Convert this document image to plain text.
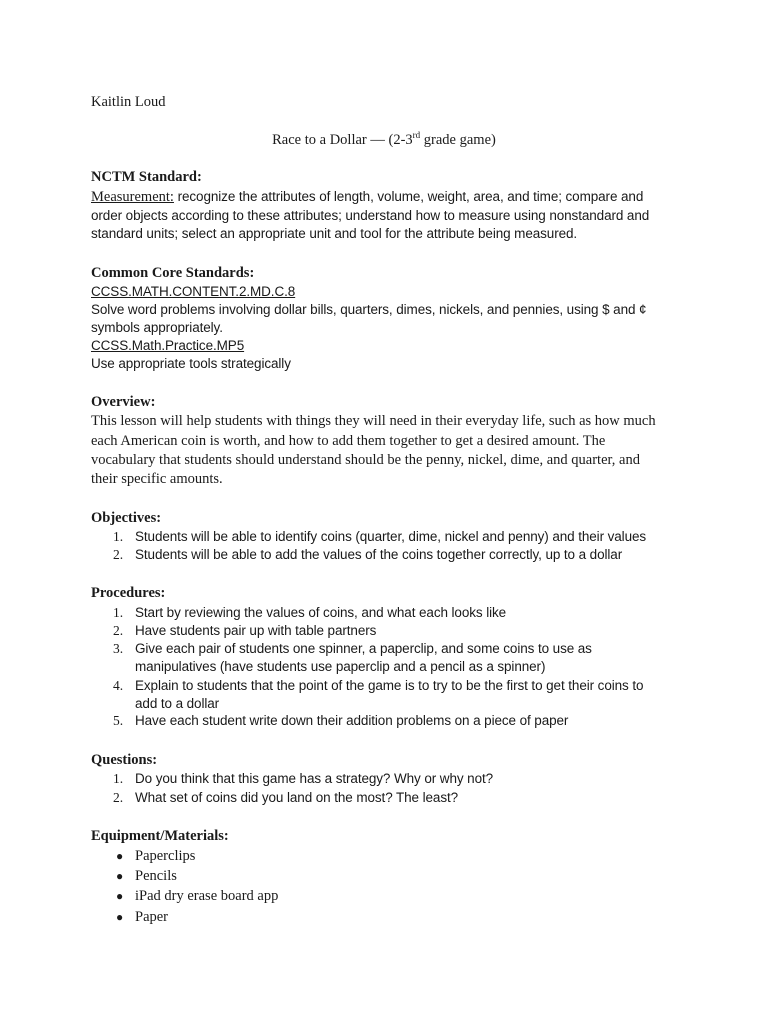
Kaitlin Loud
Race to a Dollar — (2-3rd grade game)
NCTM Standard:
Measurement: recognize the attributes of length, volume, weight, area, and time; compare and
order objects according to these attributes; understand how to measure using nonstandard and
standard units; select an appropriate unit and tool for the attribute being measured.
Common Core Standards:
CCSS.MATH.CONTENT.2.MD.C.8
Solve word problems involving dollar bills, quarters, dimes, nickels, and pennies, using $ and ¢
symbols appropriately.
CCSS.Math.Practice.MP5
Use appropriate tools strategically
Overview:
This lesson will help students with things they will need in their everyday life, such as how much
each American coin is worth, and how to add them together to get a desired amount. The
vocabulary that students should understand should be the penny, nickel, dime, and quarter, and
their specific amounts.
Objectives:
1. Students will be able to identify coins (quarter, dime, nickel and penny) and their values
2. Students will be able to add the values of the coins together correctly, up to a dollar
Procedures:
1. Start by reviewing the values of coins, and what each looks like
2. Have students pair up with table partners
3. Give each pair of students one spinner, a paperclip, and some coins to use as
manipulatives (have students use paperclip and a pencil as a spinner)
4. Explain to students that the point of the game is to try to be the first to get their coins to
add to a dollar
5. Have each student write down their addition problems on a piece of paper
Questions:
1. Do you think that this game has a strategy? Why or why not?
2. What set of coins did you land on the most? The least?
Equipment/Materials:
● Paperclips
● Pencils
● iPad dry erase board app
● Paper
